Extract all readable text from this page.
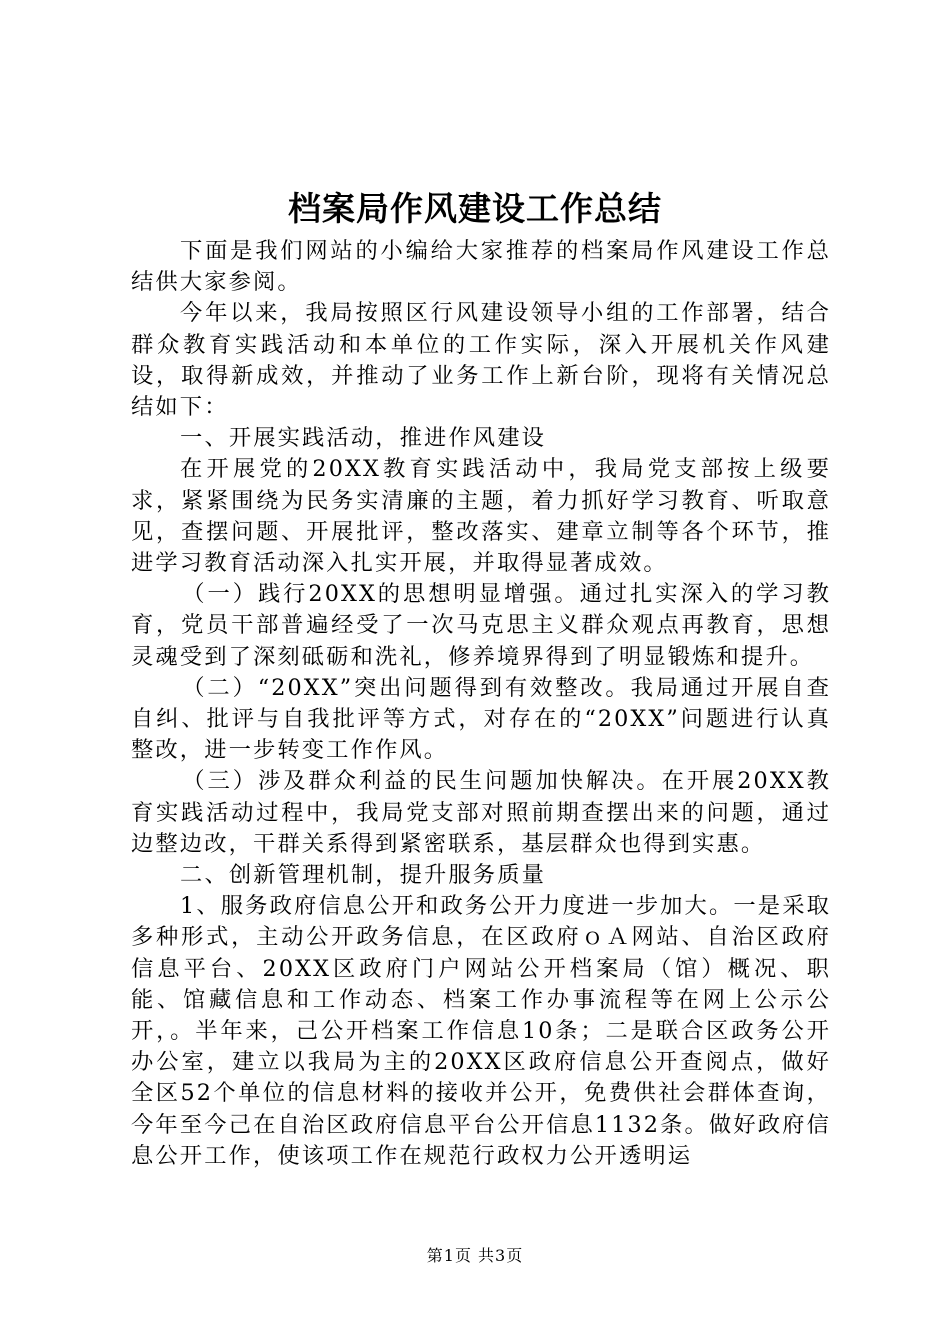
档案局作风建设工作总结

下面是我们网站的小编给大家推荐的档案局作风建设工作总结供大家参阅。

今年以来，我局按照区行风建设领导小组的工作部署，结合群众教育实践活动和本单位的工作实际，深入开展机关作风建设，取得新成效，并推动了业务工作上新台阶，现将有关情况总结如下：

一、开展实践活动，推进作风建设

在开展党的20XX教育实践活动中，我局党支部按上级要求，紧紧围绕为民务实清廉的主题，着力抓好学习教育、听取意见，查摆问题、开展批评，整改落实、建章立制等各个环节，推进学习教育活动深入扎实开展，并取得显著成效。

（一）践行20XX的思想明显增强。通过扎实深入的学习教育，党员干部普遍经受了一次马克思主义群众观点再教育，思想灵魂受到了深刻砥砺和洗礼，修养境界得到了明显锻炼和提升。

（二）“20XX”突出问题得到有效整改。我局通过开展自查自纠、批评与自我批评等方式，对存在的“20XX”问题进行认真整改，进一步转变工作作风。

（三）涉及群众利益的民生问题加快解决。在开展20XX教育实践活动过程中，我局党支部对照前期查摆出来的问题，通过边整边改，干群关系得到紧密联系，基层群众也得到实惠。

二、创新管理机制，提升服务质量

1、服务政府信息公开和政务公开力度进一步加大。一是采取多种形式，主动公开政务信息，在区政府ｏＡ网站、自治区政府信息平台、20XX区政府门户网站公开档案局（馆）概况、职能、馆藏信息和工作动态、档案工作办事流程等在网上公示公开，。半年来，己公开档案工作信息10条；二是联合区政务公开办公室，建立以我局为主的20XX区政府信息公开查阅点，做好全区52个单位的信息材料的接收并公开，免费供社会群体查询，今年至今己在自治区政府信息平台公开信息1132条。做好政府信息公开工作，使该项工作在规范行政权力公开透明运

第1页 共3页
